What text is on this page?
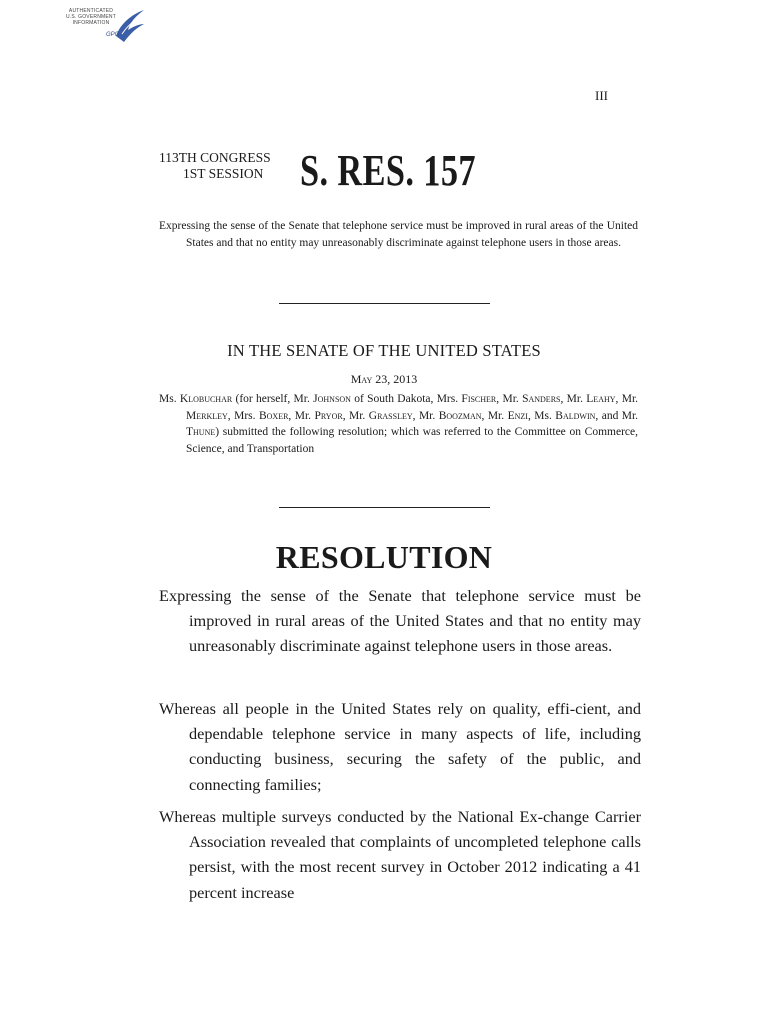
AUTHENTICATED
U.S. GOVERNMENT
INFORMATION
GPO
III
113TH CONGRESS
1ST SESSION S. RES. 157
Expressing the sense of the Senate that telephone service must be improved in rural areas of the United States and that no entity may unreasonably discriminate against telephone users in those areas.
IN THE SENATE OF THE UNITED STATES
May 23, 2013
Ms. Klobuchar (for herself, Mr. Johnson of South Dakota, Mrs. Fischer, Mr. Sanders, Mr. Leahy, Mr. Merkley, Mrs. Boxer, Mr. Pryor, Mr. Grassley, Mr. Boozman, Mr. Enzi, Ms. Baldwin, and Mr. Thune) submitted the following resolution; which was referred to the Committee on Commerce, Science, and Transportation
RESOLUTION
Expressing the sense of the Senate that telephone service must be improved in rural areas of the United States and that no entity may unreasonably discriminate against telephone users in those areas.
Whereas all people in the United States rely on quality, effi-cient, and dependable telephone service in many aspects of life, including conducting business, securing the safety of the public, and connecting families;
Whereas multiple surveys conducted by the National Ex-change Carrier Association revealed that complaints of uncompleted telephone calls persist, with the most recent survey in October 2012 indicating a 41 percent increase
